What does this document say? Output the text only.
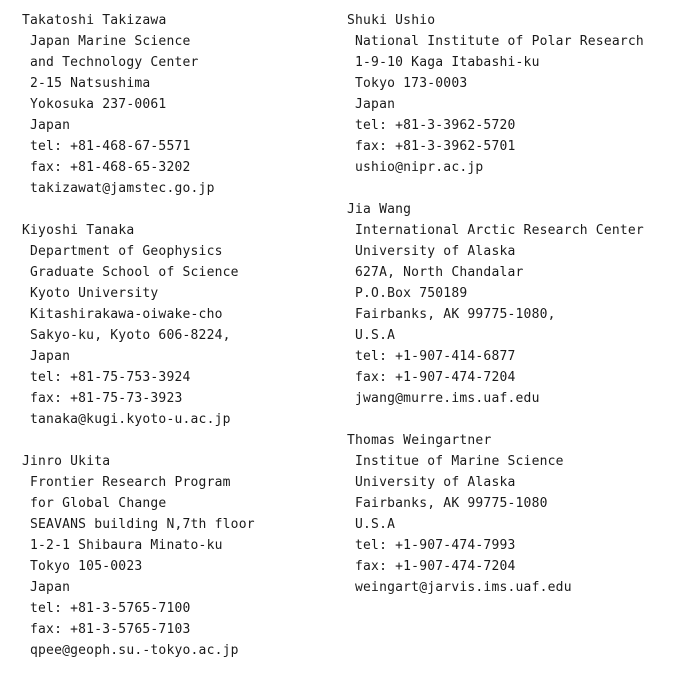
Takatoshi Takizawa
Japan Marine Science
and Technology Center
2-15 Natsushima
Yokosuka 237-0061
Japan
tel: +81-468-67-5571
fax: +81-468-65-3202
takizawat@jamstec.go.jp
Kiyoshi Tanaka
Department of Geophysics
Graduate School of Science
Kyoto University
Kitashirakawa-oiwake-cho
Sakyo-ku, Kyoto 606-8224,
Japan
tel: +81-75-753-3924
fax: +81-75-73-3923
tanaka@kugi.kyoto-u.ac.jp
Jinro Ukita
Frontier Research Program
for Global Change
SEAVANS building N,7th floor
1-2-1 Shibaura Minato-ku
Tokyo 105-0023
Japan
tel: +81-3-5765-7100
fax: +81-3-5765-7103
qpee@geoph.su.-tokyo.ac.jp
Shuki Ushio
National Institute of Polar Research
1-9-10 Kaga Itabashi-ku
Tokyo 173-0003
Japan
tel: +81-3-3962-5720
fax: +81-3-3962-5701
ushio@nipr.ac.jp
Jia Wang
International Arctic Research Center
University of Alaska
627A, North Chandalar
P.O.Box 750189
Fairbanks, AK 99775-1080,
U.S.A
tel: +1-907-414-6877
fax: +1-907-474-7204
jwang@murre.ims.uaf.edu
Thomas Weingartner
Institue of Marine Science
University of Alaska
Fairbanks, AK 99775-1080
U.S.A
tel: +1-907-474-7993
fax: +1-907-474-7204
weingart@jarvis.ims.uaf.edu
